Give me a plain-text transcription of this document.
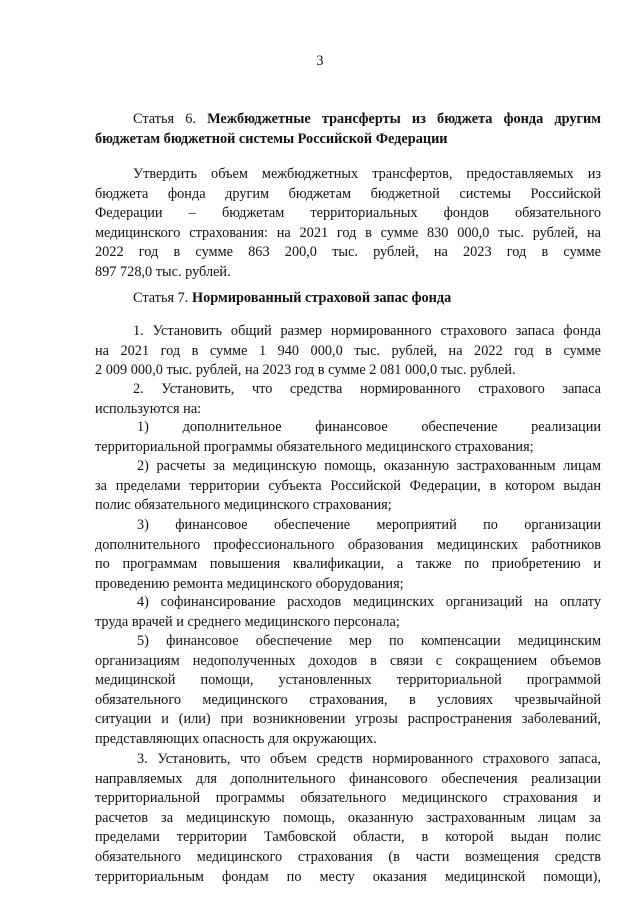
3

Статья 6. Межбюджетные трансферты из бюджета фонда другим

бюджетам бюджетной системы Российской Федерации

Утвердить объем межбюджетных трансфертов, предоставляемых из

бюджета фонда другим бюджетам бюджетной системы Российской

Федерации – бюджетам территориальных фондов обязательного

медицинского страхования: на 2021 год в сумме 830 000,0 тыс. рублей, на

2022 год в сумме 863 200,0 тыс. рублей, на 2023 год в сумме

897 728,0 тыс. рублей.

Статья 7. Нормированный страховой запас фонда

1. Установить общий размер нормированного страхового запаса фонда

на 2021 год в сумме 1 940 000,0 тыс. рублей, на 2022 год в сумме

2 009 000,0 тыс. рублей, на 2023 год в сумме 2 081 000,0 тыс. рублей.

2. Установить, что средства нормированного страхового запаса

используются на:

1) дополнительное финансовое обеспечение реализации

территориальной программы обязательного медицинского страхования;

2) расчеты за медицинскую помощь, оказанную застрахованным лицам

за пределами территории субъекта Российской Федерации, в котором выдан

полис обязательного медицинского страхования;

3) финансовое обеспечение мероприятий по организации

дополнительного профессионального образования медицинских работников

по программам повышения квалификации, а также по приобретению и

проведению ремонта медицинского оборудования;

4) софинансирование расходов медицинских организаций на оплату

труда врачей и среднего медицинского персонала;

5) финансовое обеспечение мер по компенсации медицинским

организациям недополученных доходов в связи с сокращением объемов

медицинской помощи, установленных территориальной программой

обязательного медицинского страхования, в условиях чрезвычайной

ситуации и (или) при возникновении угрозы распространения заболеваний,

представляющих опасность для окружающих.

3. Установить, что объем средств нормированного страхового запаса,

направляемых для дополнительного финансового обеспечения реализации

территориальной программы обязательного медицинского страхования и

расчетов за медицинскую помощь, оказанную застрахованным лицам за

пределами территории Тамбовской области, в которой выдан полис

обязательного медицинского страхования (в части возмещения средств

территориальным фондам по месту оказания медицинской помощи),
